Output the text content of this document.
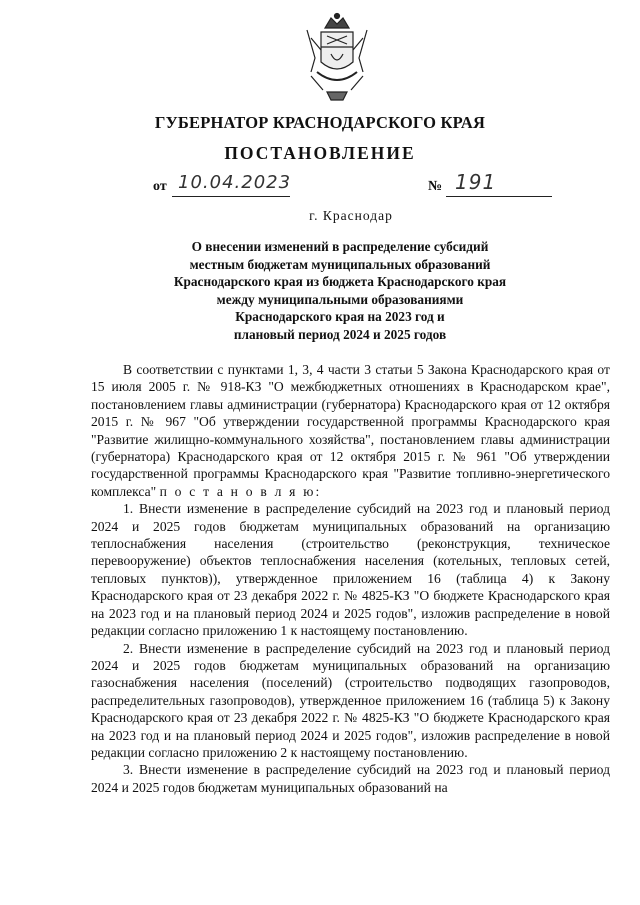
ГУБЕРНАТОР КРАСНОДАРСКОГО КРАЯ
ПОСТАНОВЛЕНИЕ
от 10.04.2023	№ 191
г. Краснодар
О внесении изменений в распределение субсидий
местным бюджетам муниципальных образований
Краснодарского края из бюджета Краснодарского края
между муниципальными образованиями
Краснодарского края на 2023 год и
плановый период 2024 и 2025 годов

В соответствии с пунктами 1, 3, 4 части 3 статьи 5 Закона Краснодарского края от 15 июля 2005 г. № 918-КЗ "О межбюджетных отношениях в Краснодарском крае", постановлением главы администрации (губернатора) Краснодарского края от 12 октября 2015 г. № 967 "Об утверждении государственной программы Краснодарского края "Развитие жилищно-коммунального хозяйства", постановлением главы администрации (губернатора) Краснодарского края от 12 октября 2015 г. № 961 "Об утверждении государственной программы Краснодарского края "Развитие топливно-энергетического комплекса" п о с т а н о в л я ю:

1. Внести изменение в распределение субсидий на 2023 год и плановый период 2024 и 2025 годов бюджетам муниципальных образований на организацию теплоснабжения населения (строительство (реконструкция, техническое перевооружение) объектов теплоснабжения населения (котельных, тепловых сетей, тепловых пунктов)), утвержденное приложением 16 (таблица 4) к Закону Краснодарского края от 23 декабря 2022 г. № 4825-КЗ "О бюджете Краснодарского края на 2023 год и на плановый период 2024 и 2025 годов", изложив распределение в новой редакции согласно приложению 1 к настоящему постановлению.

2. Внести изменение в распределение субсидий на 2023 год и плановый период 2024 и 2025 годов бюджетам муниципальных образований на организацию газоснабжения населения (поселений) (строительство подводящих газопроводов, распределительных газопроводов), утвержденное приложением 16 (таблица 5) к Закону Краснодарского края от 23 декабря 2022 г. № 4825-КЗ "О бюджете Краснодарского края на 2023 год и на плановый период 2024 и 2025 годов", изложив распределение в новой редакции согласно приложению 2 к настоящему постановлению.

3. Внести изменение в распределение субсидий на 2023 год и плановый период 2024 и 2025 годов бюджетам муниципальных образований на
